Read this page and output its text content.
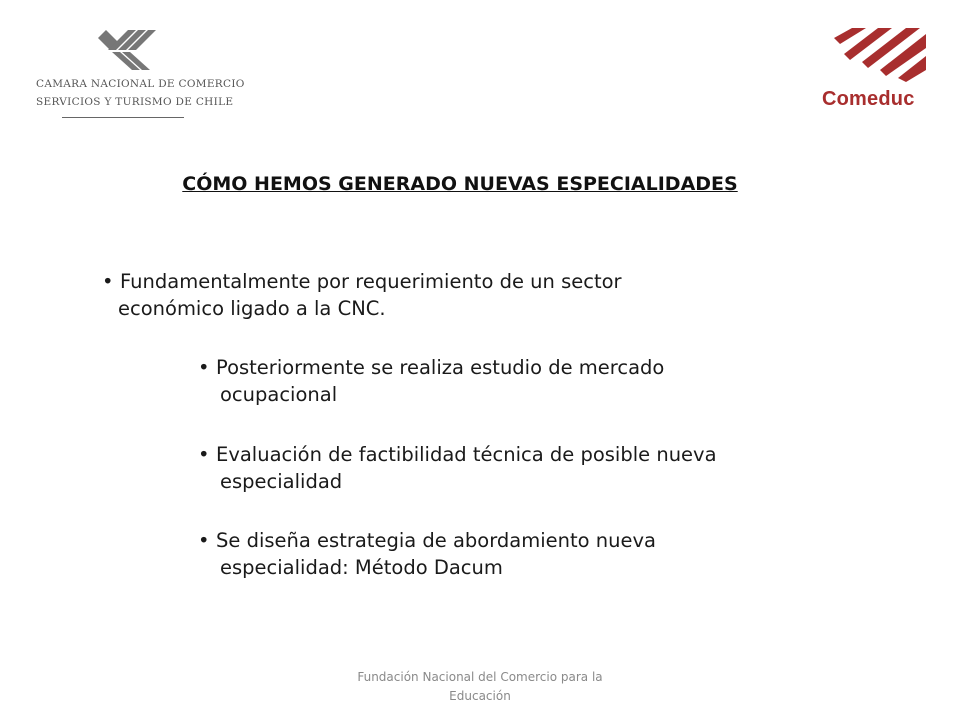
CAMARA NACIONAL DE COMERCIO
SERVICIOS Y TURISMO DE CHILE	Comeduc
CÓMO HEMOS GENERADO NUEVAS ESPECIALIDADES
• Fundamentalmente por requerimiento de un sector
económico ligado a la CNC.
• Posteriormente se realiza estudio de mercado
ocupacional
• Evaluación de factibilidad técnica de posible nueva
especialidad
• Se diseña estrategia de abordamiento nueva
especialidad: Método Dacum
Fundación Nacional del Comercio para la
Educación
